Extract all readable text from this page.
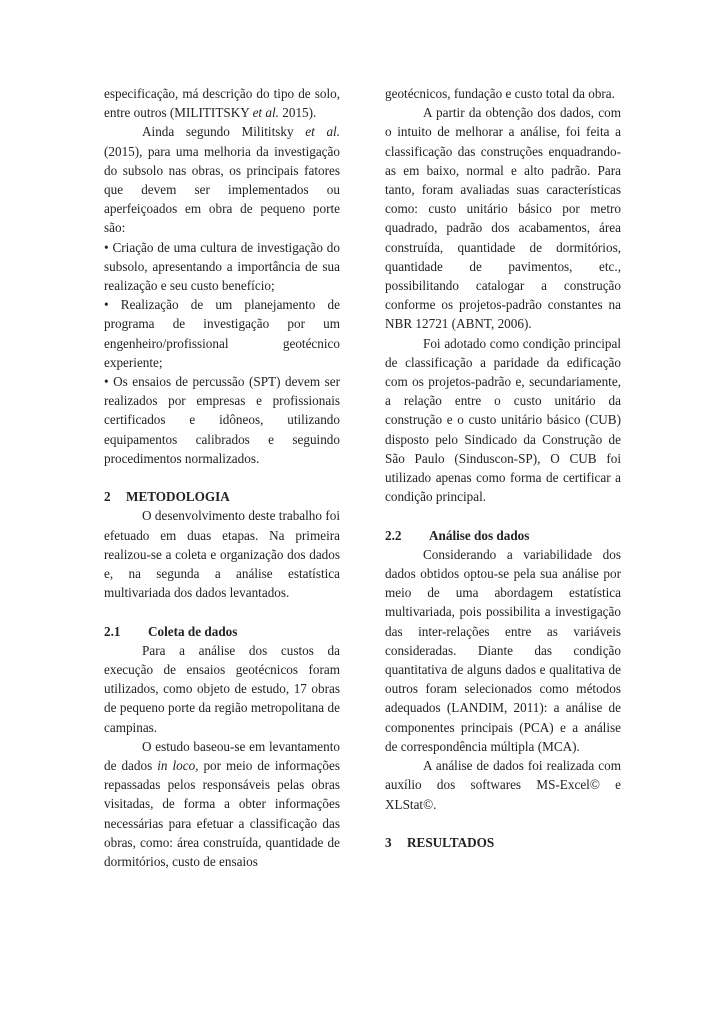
especificação, má descrição do tipo de solo, entre outros (MILITITSKY et al. 2015).

Ainda segundo Milititsky et al. (2015), para uma melhoria da investigação do subsolo nas obras, os principais fatores que devem ser implementados ou aperfeiçoados em obra de pequeno porte são:

• Criação de uma cultura de investigação do subsolo, apresentando a importância de sua realização e seu custo benefício;

• Realização de um planejamento de programa de investigação por um engenheiro/profissional geotécnico experiente;

• Os ensaios de percussão (SPT) devem ser realizados por empresas e profissionais certificados e idôneos, utilizando equipamentos calibrados e seguindo procedimentos normalizados.

2 METODOLOGIA

O desenvolvimento deste trabalho foi efetuado em duas etapas. Na primeira realizou-se a coleta e organização dos dados e, na segunda a análise estatística multivariada dos dados levantados.

2.1 Coleta de dados

Para a análise dos custos da execução de ensaios geotécnicos foram utilizados, como objeto de estudo, 17 obras de pequeno porte da região metropolitana de campinas.

O estudo baseou-se em levantamento de dados in loco, por meio de informações repassadas pelos responsáveis pelas obras visitadas, de forma a obter informações necessárias para efetuar a classificação das obras, como: área construída, quantidade de dormitórios, custo de ensaios

geotécnicos, fundação e custo total da obra.

A partir da obtenção dos dados, com o intuito de melhorar a análise, foi feita a classificação das construções enquadrando-as em baixo, normal e alto padrão. Para tanto, foram avaliadas suas características como: custo unitário básico por metro quadrado, padrão dos acabamentos, área construída, quantidade de dormitórios, quantidade de pavimentos, etc., possibilitando catalogar a construção conforme os projetos-padrão constantes na NBR 12721 (ABNT, 2006).

Foi adotado como condição principal de classificação a paridade da edificação com os projetos-padrão e, secundariamente, a relação entre o custo unitário da construção e o custo unitário básico (CUB) disposto pelo Sindicado da Construção de São Paulo (Sinduscon-SP), O CUB foi utilizado apenas como forma de certificar a condição principal.

2.2 Análise dos dados

Considerando a variabilidade dos dados obtidos optou-se pela sua análise por meio de uma abordagem estatística multivariada, pois possibilita a investigação das inter-relações entre as variáveis consideradas. Diante das condição quantitativa de alguns dados e qualitativa de outros foram selecionados como métodos adequados (LANDIM, 2011): a análise de componentes principais (PCA) e a análise de correspondência múltipla (MCA).

A análise de dados foi realizada com auxílio dos softwares MS-Excel© e XLStat©.

3 RESULTADOS
